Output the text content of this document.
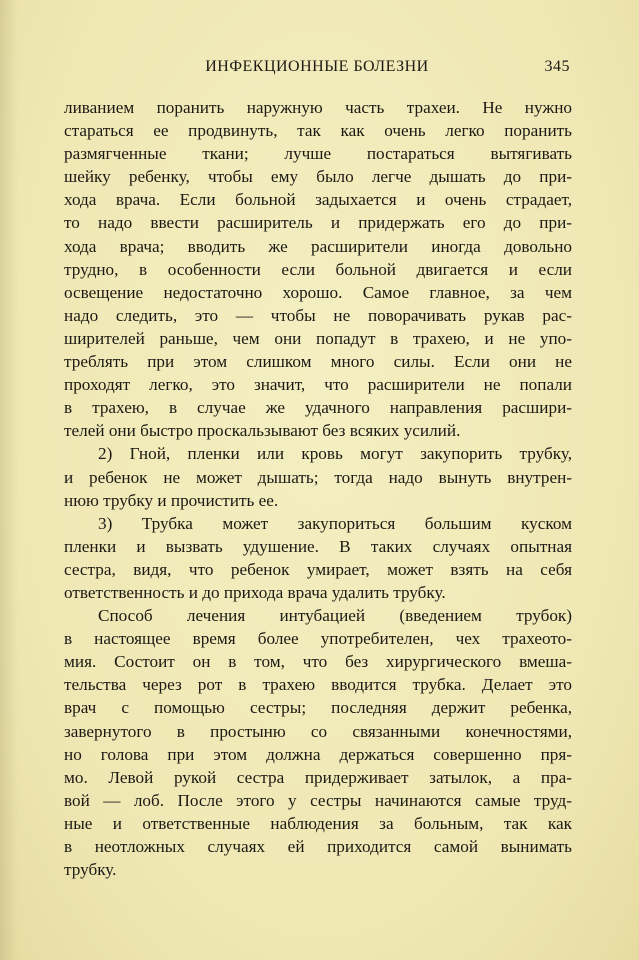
ИНФЕКЦИОННЫЕ БОЛЕЗНИ	345
ливанием поранить наружную часть трахеи. Не нужно
стараться ее продвинуть, так как очень легко поранить
размягченные ткани; лучше постараться вытягивать
шейку ребенку, чтобы ему было легче дышать до при-
хода врача. Если больной задыхается и очень страдает,
то надо ввести расширитель и придержать его до при-
хода врача; вводить же расширители иногда довольно
трудно, в особенности если больной двигается и если
освещение недостаточно хорошо. Самое главное, за чем
надо следить, это — чтобы не поворачивать рукав рас-
ширителей раньше, чем они попадут в трахею, и не упо-
треблять при этом слишком много силы. Если они не
проходят легко, это значит, что расширители не попали
в трахею, в случае же удачного направления расшири-
телей они быстро проскальзывают без всяких усилий.
2) Гной, пленки или кровь могут закупорить трубку,
и ребенок не может дышать; тогда надо вынуть внутрен-
нюю трубку и прочистить ее.
3) Трубка может закупориться большим куском
пленки и вызвать удушение. В таких случаях опытная
сестра, видя, что ребенок умирает, может взять на себя
ответственность и до прихода врача удалить трубку.
Способ лечения интубацией (введением трубок)
в настоящее время более употребителен, чех трахеото-
мия. Состоит он в том, что без хирургического вмеша-
тельства через рот в трахею вводится трубка. Делает это
врач с помощью сестры; последняя держит ребенка,
завернутого в простыню со связанными конечностями,
но голова при этом должна держаться совершенно пря-
мо. Левой рукой сестра придерживает затылок, а пра-
вой — лоб. После этого у сестры начинаются самые труд-
ные и ответственные наблюдения за больным, так как
в неотложных случаях ей приходится самой вынимать
трубку.
